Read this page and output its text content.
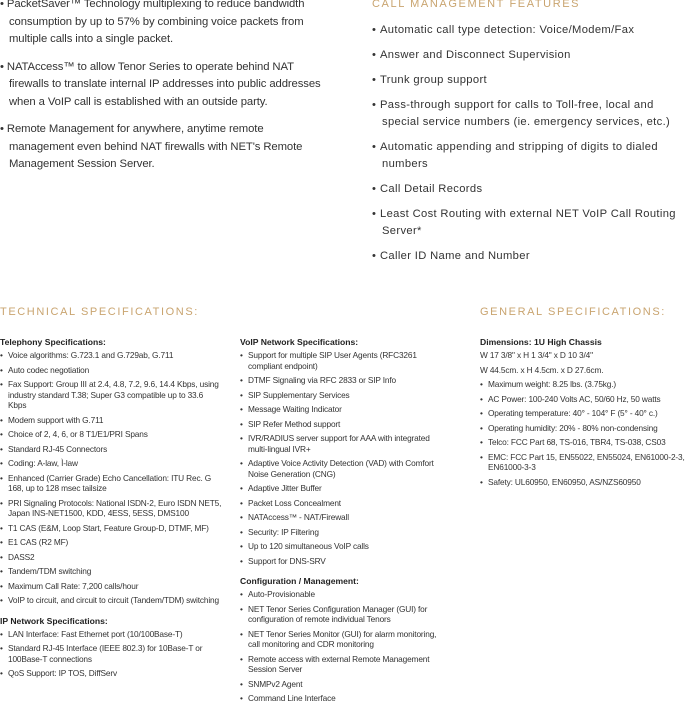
• PacketSaver™ Technology multiplexing to reduce bandwidth consumption by up to 57% by combining voice packets from multiple calls into a single packet.

• NATAccess™ to allow Tenor Series to operate behind NAT firewalls to translate internal IP addresses into public addresses when a VoIP call is established with an outside party.

• Remote Management for anywhere, anytime remote management even behind NAT firewalls with NET's Remote Management Session Server.

CALL MANAGEMENT FEATURES
• Automatic call type detection: Voice/Modem/Fax
• Answer and Disconnect Supervision
• Trunk group support
• Pass-through support for calls to Toll-free, local and special service numbers (ie. emergency services, etc.)
• Automatic appending and stripping of digits to dialed numbers
• Call Detail Records
• Least Cost Routing with external NET VoIP Call Routing Server*
• Caller ID Name and Number
TECHNICAL SPECIFICATIONS:	GENERAL SPECIFICATIONS:
Telephony Specifications:
• Voice algorithms: G.723.1 and G.729ab, G.711
• Auto codec negotiation
• Fax Support: Group III at 2.4, 4.8, 7.2, 9.6, 14.4 Kbps, using industry standard T.38; Super G3 compatible up to 33.6 Kbps
• Modem support with G.711
• Choice of 2, 4, 6, or 8 T1/E1/PRI Spans
• Standard RJ-45 Connectors
• Coding: A-law, Ì-law
• Enhanced (Carrier Grade) Echo Cancellation: ITU Rec. G 168, up to 128 msec tailsize
• PRI Signaling Protocols: National ISDN-2, Euro ISDN NET5, Japan INS-NET1500, KDD, 4ESS, 5ESS, DMS100
• T1 CAS (E&M, Loop Start, Feature Group-D, DTMF, MF)
• E1 CAS (R2 MF)
• DASS2
• Tandem/TDM switching
• Maximum Call Rate: 7,200 calls/hour
• VoIP to circuit, and circuit to circuit (Tandem/TDM) switching
IP Network Specifications:
• LAN Interface: Fast Ethernet port (10/100Base-T)
• Standard RJ-45 Interface (IEEE 802.3) for 10Base-T or 100Base-T connections
• QoS Support: IP TOS, DiffServ
VoIP Network Specifications:
• Support for multiple SIP User Agents (RFC3261 compliant endpoint)
• DTMF Signaling via RFC 2833 or SIP Info
• SIP Supplementary Services
• Message Waiting Indicator
• SIP Refer Method support
• IVR/RADIUS server support for AAA with integrated multi-lingual IVR+
• Adaptive Voice Activity Detection (VAD) with Comfort Noise Generation (CNG)
• Adaptive Jitter Buffer
• Packet Loss Concealment
• NATAccess™ - NAT/Firewall
• Security: IP Filtering
• Up to 120 simultaneous VoIP calls
• Support for DNS-SRV
Configuration / Management:
• Auto-Provisionable
• NET Tenor Series Configuration Manager (GUI) for configuration of remote individual Tenors
• NET Tenor Series Monitor (GUI) for alarm monitoring, call monitoring and CDR monitoring
• Remote access with external Remote Management Session Server
• SNMPv2 Agent
• Command Line Interface
Dimensions: 1U High Chassis
W 17 3/8" x H 1 3/4" x D 10 3/4"
W 44.5cm. x H 4.5cm. x D 27.6cm.
• Maximum weight: 8.25 lbs. (3.75kg.)
• AC Power: 100-240 Volts AC, 50/60 Hz, 50 watts
• Operating temperature: 40° - 104° F (5° - 40° c.)
• Operating humidity: 20% - 80% non-condensing
• Telco: FCC Part 68, TS-016, TBR4, TS-038, CS03
• EMC: FCC Part 15, EN55022, EN55024, EN61000-2-3, EN61000-3-3
• Safety: UL60950, EN60950, AS/NZS60950
